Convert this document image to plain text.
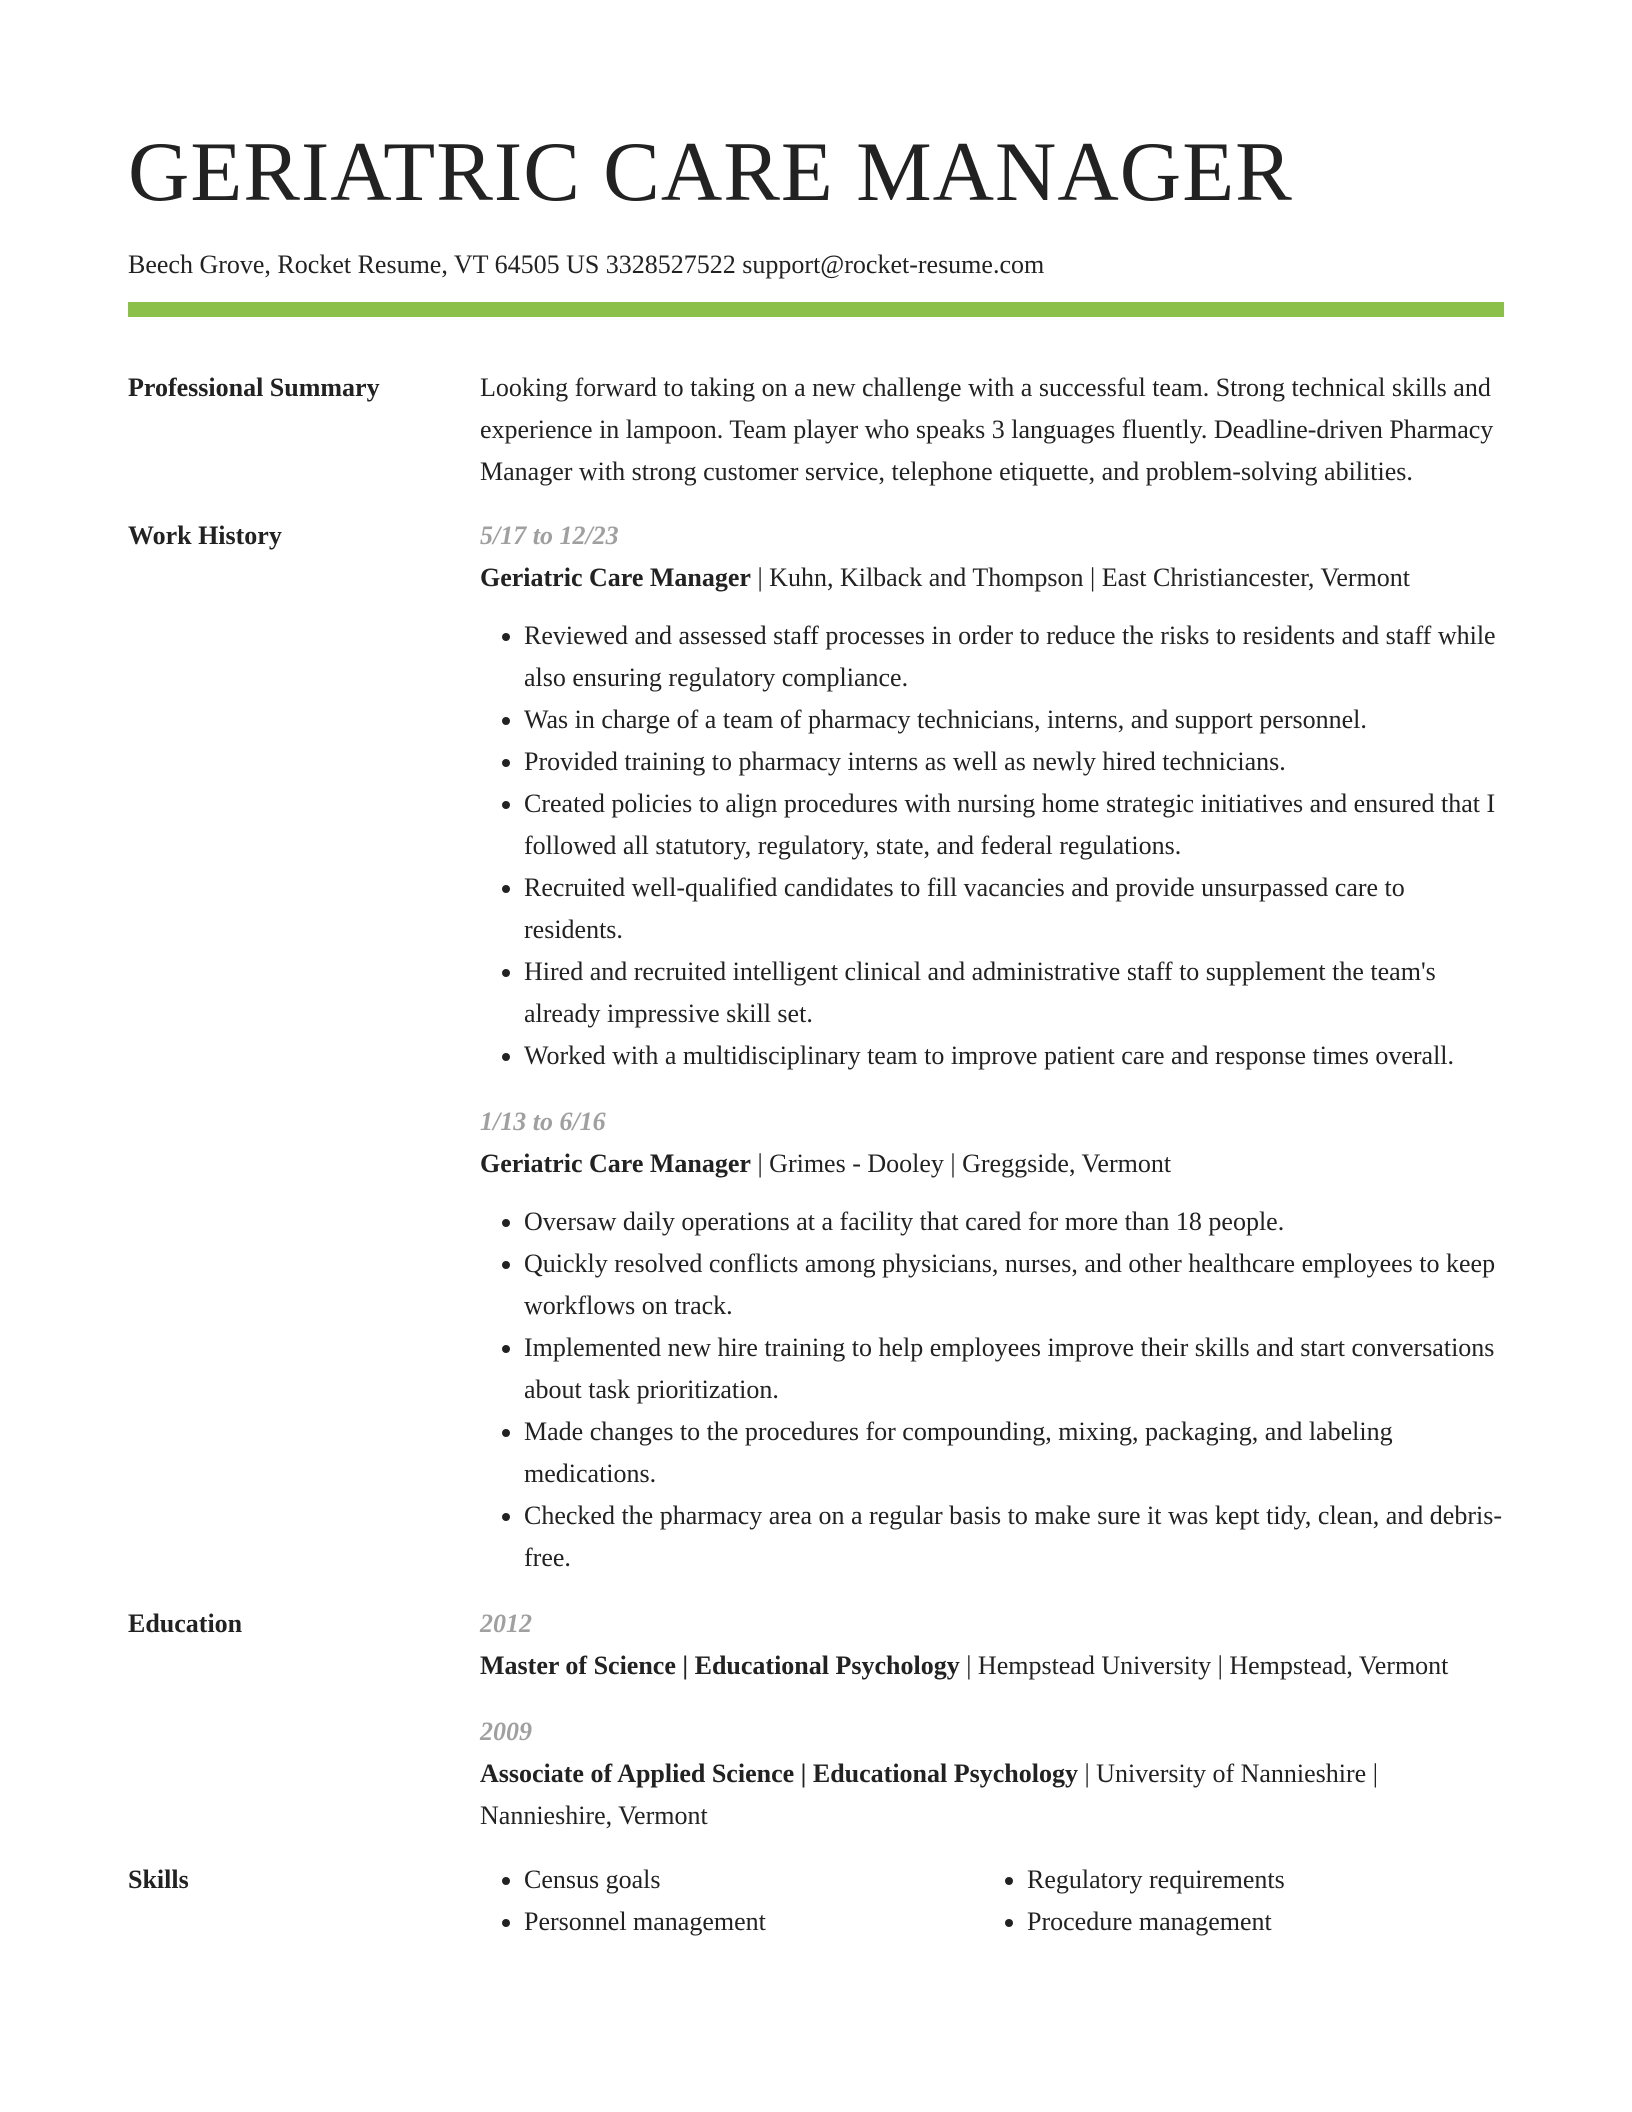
GERIATRIC CARE MANAGER
Beech Grove, Rocket Resume, VT 64505 US 3328527522 support@rocket-resume.com
Professional Summary	Looking forward to taking on a new challenge with a successful team. Strong technical skills and experience in lampoon. Team player who speaks 3 languages fluently. Deadline-driven Pharmacy Manager with strong customer service, telephone etiquette, and problem-solving abilities.
Work History	5/17 to 12/23
Geriatric Care Manager | Kuhn, Kilback and Thompson | East Christiancester, Vermont
• Reviewed and assessed staff processes in order to reduce the risks to residents and staff while also ensuring regulatory compliance.
• Was in charge of a team of pharmacy technicians, interns, and support personnel.
• Provided training to pharmacy interns as well as newly hired technicians.
• Created policies to align procedures with nursing home strategic initiatives and ensured that I followed all statutory, regulatory, state, and federal regulations.
• Recruited well-qualified candidates to fill vacancies and provide unsurpassed care to residents.
• Hired and recruited intelligent clinical and administrative staff to supplement the team's already impressive skill set.
• Worked with a multidisciplinary team to improve patient care and response times overall.
1/13 to 6/16
Geriatric Care Manager | Grimes - Dooley | Greggside, Vermont
• Oversaw daily operations at a facility that cared for more than 18 people.
• Quickly resolved conflicts among physicians, nurses, and other healthcare employees to keep workflows on track.
• Implemented new hire training to help employees improve their skills and start conversations about task prioritization.
• Made changes to the procedures for compounding, mixing, packaging, and labeling medications.
• Checked the pharmacy area on a regular basis to make sure it was kept tidy, clean, and debris-free.
Education	2012
Master of Science | Educational Psychology | Hempstead University | Hempstead, Vermont
2009
Associate of Applied Science | Educational Psychology | University of Nannieshire | Nannieshire, Vermont
Skills
•	Census goals
• Personnel management
• Regulatory requirements
• Procedure management
